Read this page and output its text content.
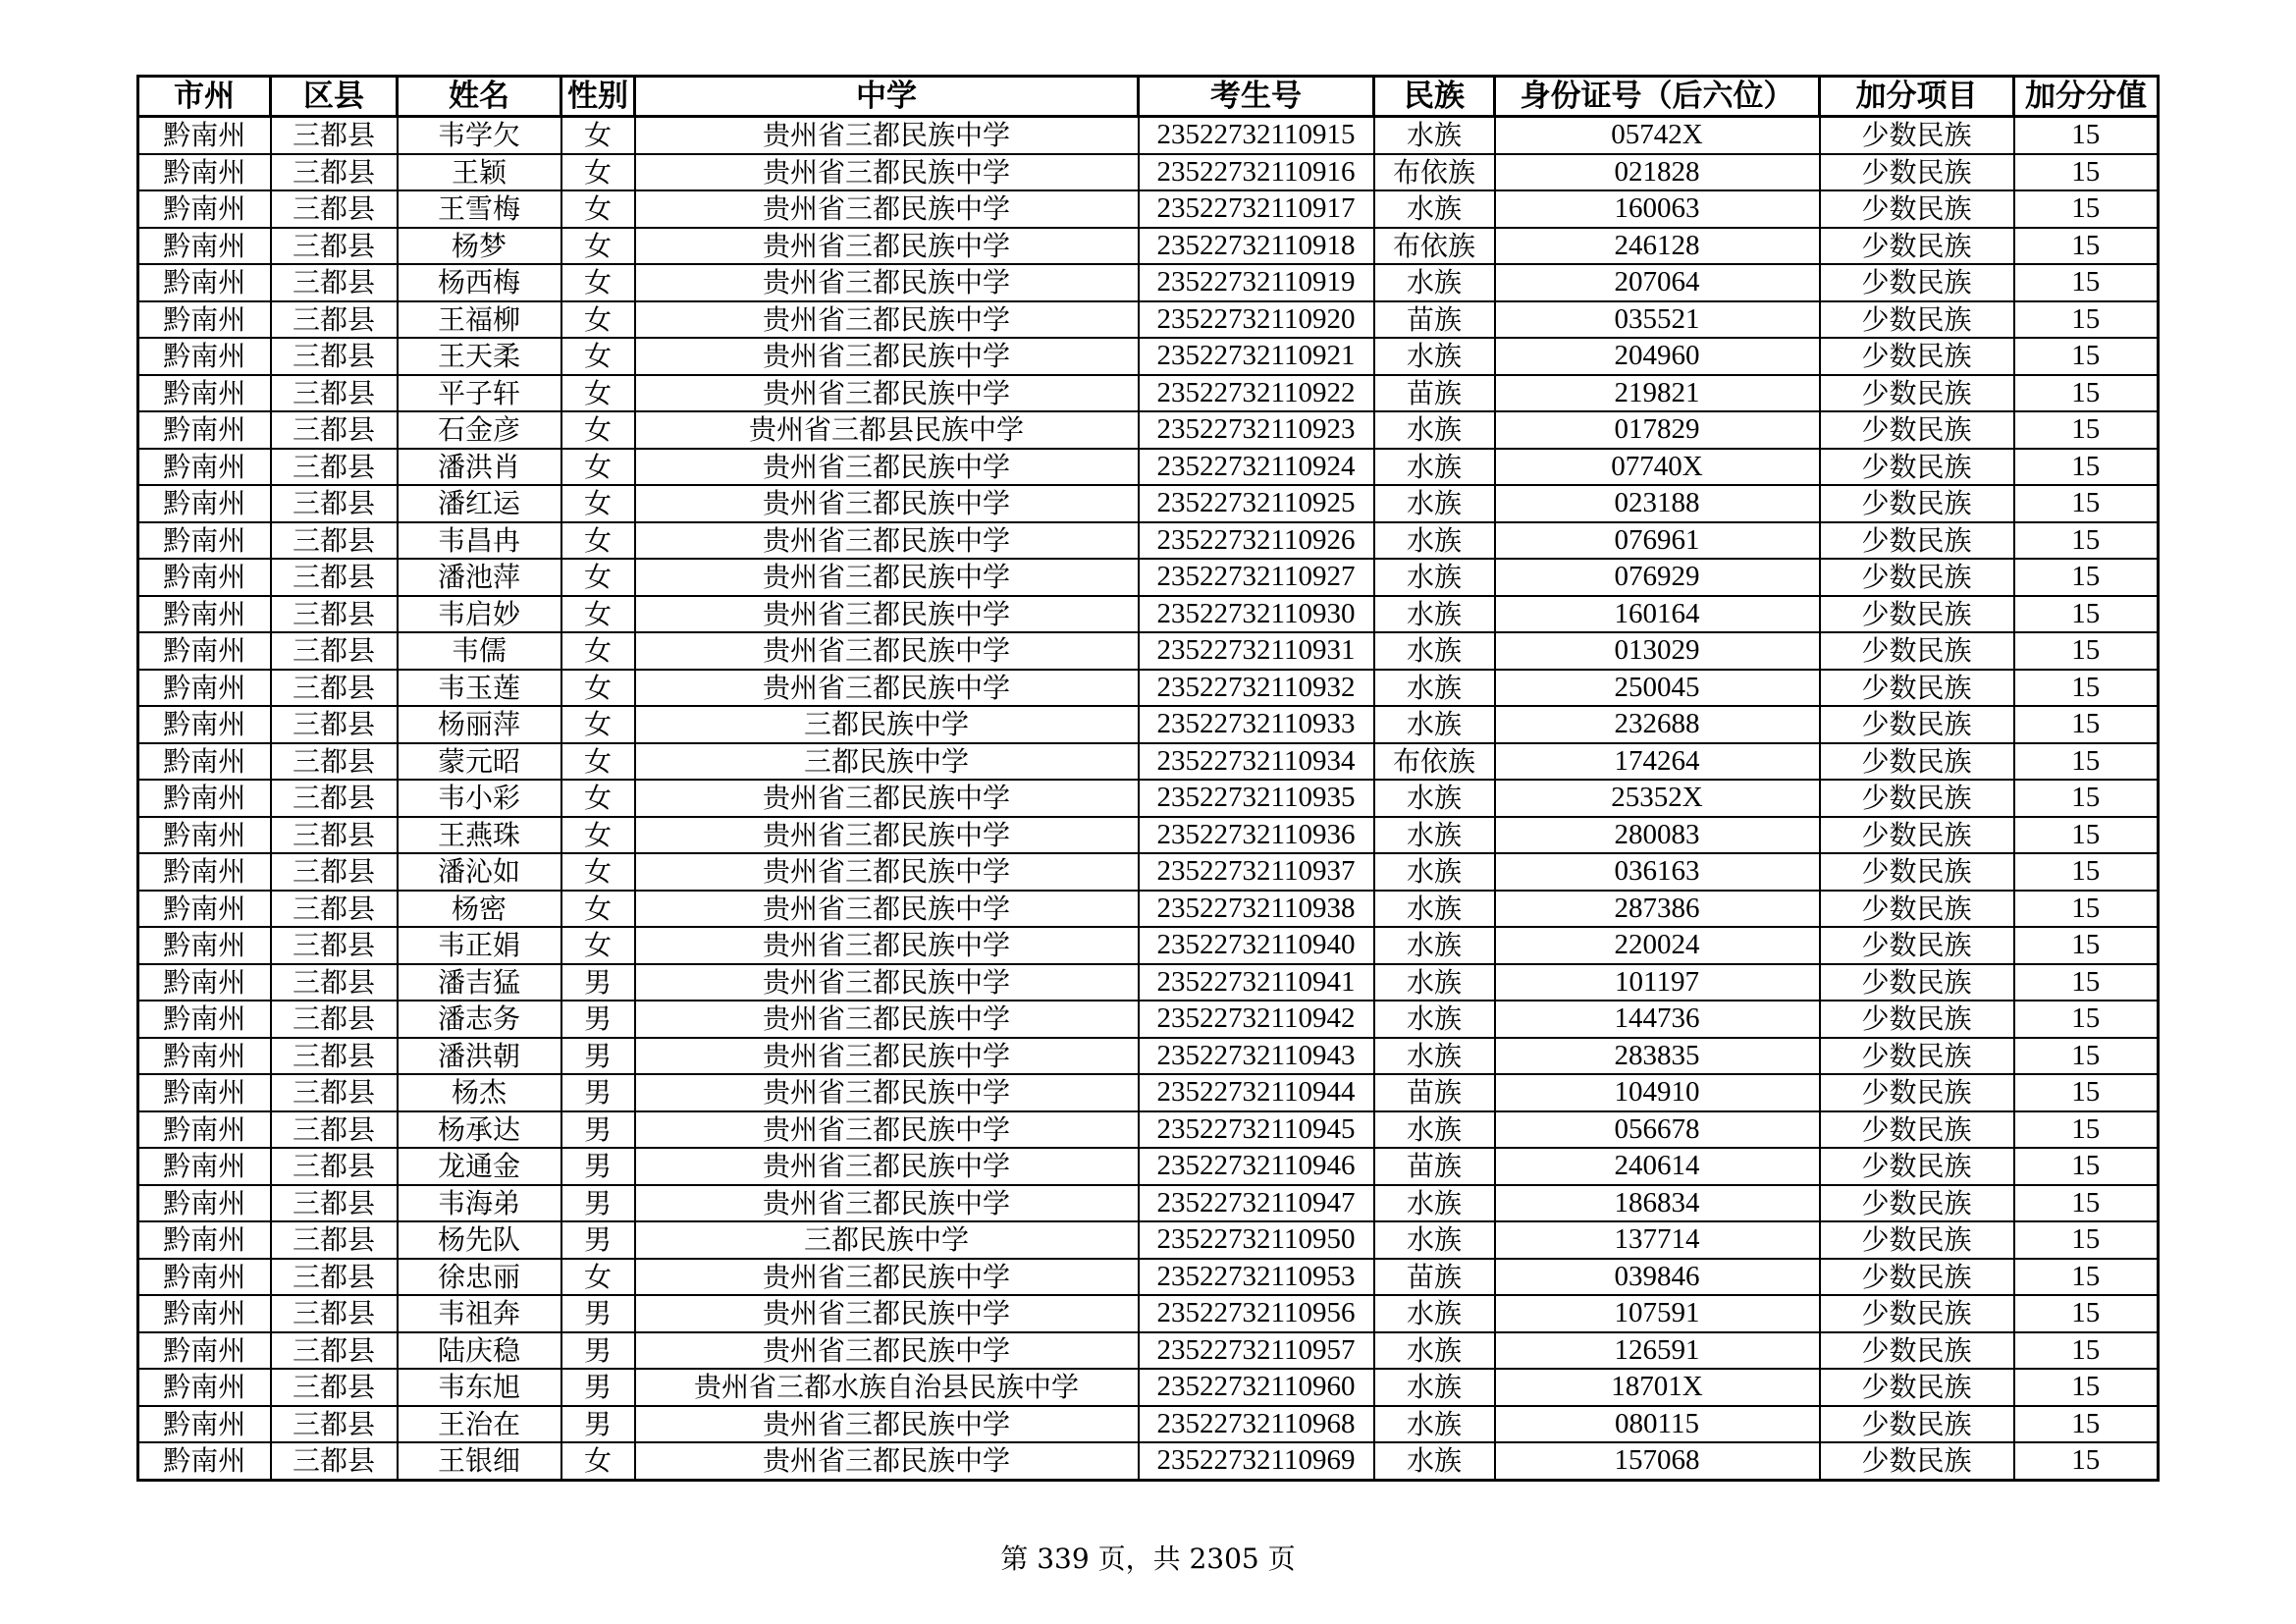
市州	区县	姓名	性别	中学	考生号	民族	身份证号（后六位）	加分项目	加分分值
黔南州	三都县	韦学欠	女	贵州省三都民族中学	23522732110915	水族	05742X	少数民族	15
黔南州	三都县	王颖	女	贵州省三都民族中学	23522732110916	布依族	021828	少数民族	15
黔南州	三都县	王雪梅	女	贵州省三都民族中学	23522732110917	水族	160063	少数民族	15
黔南州	三都县	杨梦	女	贵州省三都民族中学	23522732110918	布依族	246128	少数民族	15
黔南州	三都县	杨西梅	女	贵州省三都民族中学	23522732110919	水族	207064	少数民族	15
黔南州	三都县	王福柳	女	贵州省三都民族中学	23522732110920	苗族	035521	少数民族	15
黔南州	三都县	王天柔	女	贵州省三都民族中学	23522732110921	水族	204960	少数民族	15
黔南州	三都县	平子轩	女	贵州省三都民族中学	23522732110922	苗族	219821	少数民族	15
黔南州	三都县	石金彦	女	贵州省三都县民族中学	23522732110923	水族	017829	少数民族	15
黔南州	三都县	潘洪肖	女	贵州省三都民族中学	23522732110924	水族	07740X	少数民族	15
黔南州	三都县	潘红运	女	贵州省三都民族中学	23522732110925	水族	023188	少数民族	15
黔南州	三都县	韦昌冉	女	贵州省三都民族中学	23522732110926	水族	076961	少数民族	15
黔南州	三都县	潘池萍	女	贵州省三都民族中学	23522732110927	水族	076929	少数民族	15
黔南州	三都县	韦启妙	女	贵州省三都民族中学	23522732110930	水族	160164	少数民族	15
黔南州	三都县	韦儒	女	贵州省三都民族中学	23522732110931	水族	013029	少数民族	15
黔南州	三都县	韦玉莲	女	贵州省三都民族中学	23522732110932	水族	250045	少数民族	15
黔南州	三都县	杨丽萍	女	三都民族中学	23522732110933	水族	232688	少数民族	15
黔南州	三都县	蒙元昭	女	三都民族中学	23522732110934	布依族	174264	少数民族	15
黔南州	三都县	韦小彩	女	贵州省三都民族中学	23522732110935	水族	25352X	少数民族	15
黔南州	三都县	王燕珠	女	贵州省三都民族中学	23522732110936	水族	280083	少数民族	15
黔南州	三都县	潘沁如	女	贵州省三都民族中学	23522732110937	水族	036163	少数民族	15
黔南州	三都县	杨密	女	贵州省三都民族中学	23522732110938	水族	287386	少数民族	15
黔南州	三都县	韦正娟	女	贵州省三都民族中学	23522732110940	水族	220024	少数民族	15
黔南州	三都县	潘吉猛	男	贵州省三都民族中学	23522732110941	水族	101197	少数民族	15
黔南州	三都县	潘志务	男	贵州省三都民族中学	23522732110942	水族	144736	少数民族	15
黔南州	三都县	潘洪朝	男	贵州省三都民族中学	23522732110943	水族	283835	少数民族	15
黔南州	三都县	杨杰	男	贵州省三都民族中学	23522732110944	苗族	104910	少数民族	15
黔南州	三都县	杨承达	男	贵州省三都民族中学	23522732110945	水族	056678	少数民族	15
黔南州	三都县	龙通金	男	贵州省三都民族中学	23522732110946	苗族	240614	少数民族	15
黔南州	三都县	韦海弟	男	贵州省三都民族中学	23522732110947	水族	186834	少数民族	15
黔南州	三都县	杨先队	男	三都民族中学	23522732110950	水族	137714	少数民族	15
黔南州	三都县	徐忠丽	女	贵州省三都民族中学	23522732110953	苗族	039846	少数民族	15
黔南州	三都县	韦祖奔	男	贵州省三都民族中学	23522732110956	水族	107591	少数民族	15
黔南州	三都县	陆庆稳	男	贵州省三都民族中学	23522732110957	水族	126591	少数民族	15
黔南州	三都县	韦东旭	男	贵州省三都水族自治县民族中学	23522732110960	水族	18701X	少数民族	15
黔南州	三都县	王治在	男	贵州省三都民族中学	23522732110968	水族	080115	少数民族	15
黔南州	三都县	王银细	女	贵州省三都民族中学	23522732110969	水族	157068	少数民族	15
第 339 页，共 2305 页
